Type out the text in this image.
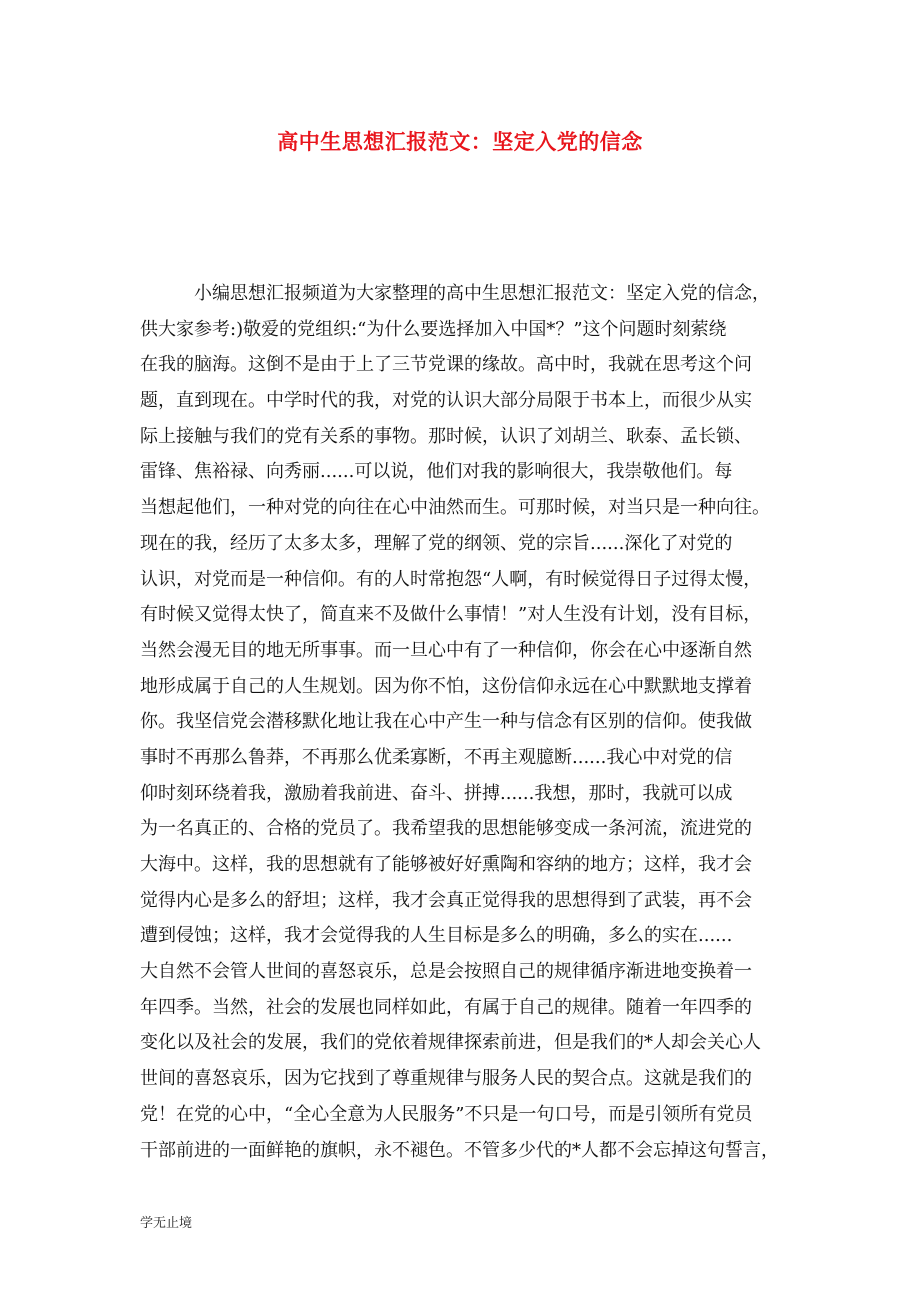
高中生思想汇报范文：坚定入党的信念
小编思想汇报频道为大家整理的高中生思想汇报范文：坚定入党的信念，
供大家参考:)敬爱的党组织:“为什么要选择加入中国*？”这个问题时刻萦绕
在我的脑海。这倒不是由于上了三节党课的缘故。高中时，我就在思考这个问
题，直到现在。中学时代的我，对党的认识大部分局限于书本上，而很少从实
际上接触与我们的党有关系的事物。那时候，认识了刘胡兰、耿泰、孟长锁、
雷锋、焦裕禄、向秀丽......可以说，他们对我的影响很大，我崇敬他们。每
当想起他们，一种对党的向往在心中油然而生。可那时候，对当只是一种向往。
现在的我，经历了太多太多，理解了党的纲领、党的宗旨......深化了对党的
认识，对党而是一种信仰。有的人时常抱怨“人啊，有时候觉得日子过得太慢，
有时候又觉得太快了，简直来不及做什么事情！”对人生没有计划，没有目标，
当然会漫无目的地无所事事。而一旦心中有了一种信仰，你会在心中逐渐自然
地形成属于自己的人生规划。因为你不怕，这份信仰永远在心中默默地支撑着
你。我坚信党会潜移默化地让我在心中产生一种与信念有区别的信仰。使我做
事时不再那么鲁莽，不再那么优柔寡断，不再主观臆断......我心中对党的信
仰时刻环绕着我，激励着我前进、奋斗、拼搏......我想，那时，我就可以成
为一名真正的、合格的党员了。我希望我的思想能够变成一条河流，流进党的
大海中。这样，我的思想就有了能够被好好熏陶和容纳的地方；这样，我才会
觉得内心是多么的舒坦；这样，我才会真正觉得我的思想得到了武装，再不会
遭到侵蚀；这样，我才会觉得我的人生目标是多么的明确，多么的实在......
大自然不会管人世间的喜怒哀乐，总是会按照自己的规律循序渐进地变换着一
年四季。当然，社会的发展也同样如此，有属于自己的规律。随着一年四季的
变化以及社会的发展，我们的党依着规律探索前进，但是我们的*人却会关心人
世间的喜怒哀乐，因为它找到了尊重规律与服务人民的契合点。这就是我们的
党！在党的心中，“全心全意为人民服务”不只是一句口号，而是引领所有党员
干部前进的一面鲜艳的旗帜，永不褪色。不管多少代的*人都不会忘掉这句誓言，
学无止境
